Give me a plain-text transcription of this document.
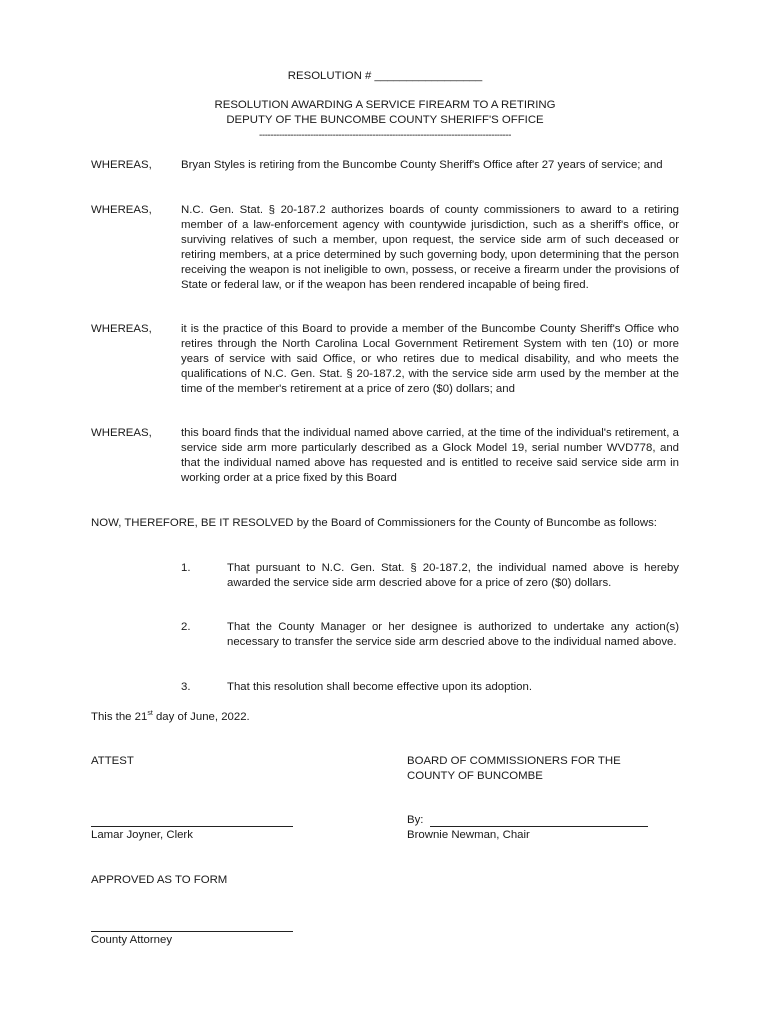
RESOLUTION # _________________
RESOLUTION AWARDING A SERVICE FIREARM TO A RETIRING
DEPUTY OF THE BUNCOMBE COUNTY SHERIFF'S OFFICE
-----------------------------------------------------------------------------------------
WHEREAS,	Bryan Styles is retiring from the Buncombe County Sheriff's Office after 27 years of service; and
WHEREAS,	N.C. Gen. Stat. § 20-187.2 authorizes boards of county commissioners to award to a retiring member of a law-enforcement agency with countywide jurisdiction, such as a sheriff's office, or surviving relatives of such a member, upon request, the service side arm of such deceased or retiring members, at a price determined by such governing body, upon determining that the person receiving the weapon is not ineligible to own, possess, or receive a firearm under the provisions of State or federal law, or if the weapon has been rendered incapable of being fired.
WHEREAS,	it is the practice of this Board to provide a member of the Buncombe County Sheriff's Office who retires through the North Carolina Local Government Retirement System with ten (10) or more years of service with said Office, or who retires due to medical disability, and who meets the qualifications of N.C. Gen. Stat. § 20-187.2, with the service side arm used by the member at the time of the member's retirement at a price of zero ($0) dollars; and
WHEREAS,	this board finds that the individual named above carried, at the time of the individual's retirement, a service side arm more particularly described as a Glock Model 19, serial number WVD778, and that the individual named above has requested and is entitled to receive said service side arm in working order at a price fixed by this Board
NOW, THEREFORE, BE IT RESOLVED by the Board of Commissioners for the County of Buncombe as follows:
1.	That pursuant to N.C. Gen. Stat. § 20-187.2, the individual named above is hereby awarded the service side arm descried above for a price of zero ($0) dollars.
2.	That the County Manager or her designee is authorized to undertake any action(s) necessary to transfer the service side arm descried above to the individual named above.
3.	That this resolution shall become effective upon its adoption.
This the 21st day of June, 2022.
ATTEST	BOARD OF COMMISSIONERS FOR THE
COUNTY OF BUNCOMBE
Lamar Joyner, Clerk
By:
Brownie Newman, Chair
APPROVED AS TO FORM
County Attorney
